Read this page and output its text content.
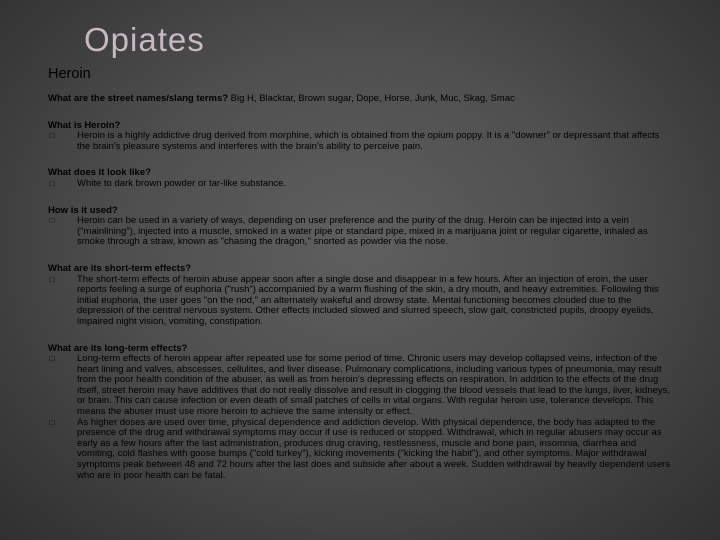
Opiates
Heroin
What are the street names/slang terms? Big H, Blacktar, Brown sugar, Dope, Horse, Junk, Muc, Skag, Smac
What is Heroin?
□ Heroin is a highly addictive drug derived from morphine, which is obtained from the opium poppy. It is a "downer" or depressant that affects the brain's pleasure systems and interferes with the brain's ability to perceive pain.
What does it look like?
□ White to dark brown powder or tar-like substance.
How is it used?
□ Heroin can be used in a variety of ways, depending on user preference and the purity of the drug. Heroin can be injected into a vein ("mainlining"), injected into a muscle, smoked in a water pipe or standard pipe, mixed in a marijuana joint or regular cigarette, inhaled as smoke through a straw, known as "chasing the dragon," snorted as powder via the nose.
What are its short-term effects?
□ The short-term effects of heroin abuse appear soon after a single dose and disappear in a few hours. After an injection of eroin, the user reports feeling a surge of euphoria ("rush") accompanied by a warm flushing of the skin, a dry mouth, and heavy extremities. Following this initial euphoria, the user goes "on the nod," an alternately wakeful and drowsy state. Mental functioning becomes clouded due to the depression of the central nervous system. Other effects included slowed and slurred speech, slow gait, constricted pupils, droopy eyelids, impaired night vision, vomiting, constipation.
What are its long-term effects?
□ Long-term effects of heroin appear after repeated use for some period of time. Chronic users may develop collapsed veins, infection of the heart lining and valves, abscesses, cellulites, and liver disease. Pulmonary complications, including various types of pneumonia, may result from the poor health condition of the abuser, as well as from heroin's depressing effects on respiration. In addition to the effects of the drug itself, street heroin may have additives that do not really dissolve and result in clogging the blood vessels that lead to the lungs, liver, kidneys, or brain. This can cause infection or even death of small patches of cells in vital organs. With regular heroin use, tolerance develops. This means the abuser must use more heroin to achieve the same intensity or effect.
□ As higher doses are used over time, physical dependence and addiction develop. With physical dependence, the body has adapted to the presence of the drug and withdrawal symptoms may occur if use is reduced or stopped. Withdrawal, which in regular abusers may occur as early as a few hours after the last administration, produces drug craving, restlessness, muscle and bone pain, insomnia, diarrhea and vomiting, cold flashes with goose bumps ("cold turkey"), kicking movements ("kicking the habit"), and other symptoms. Major withdrawal symptoms peak between 48 and 72 hours after the last does and subside after about a week. Sudden withdrawal by heavily dependent users who are in poor health can be fatal.
